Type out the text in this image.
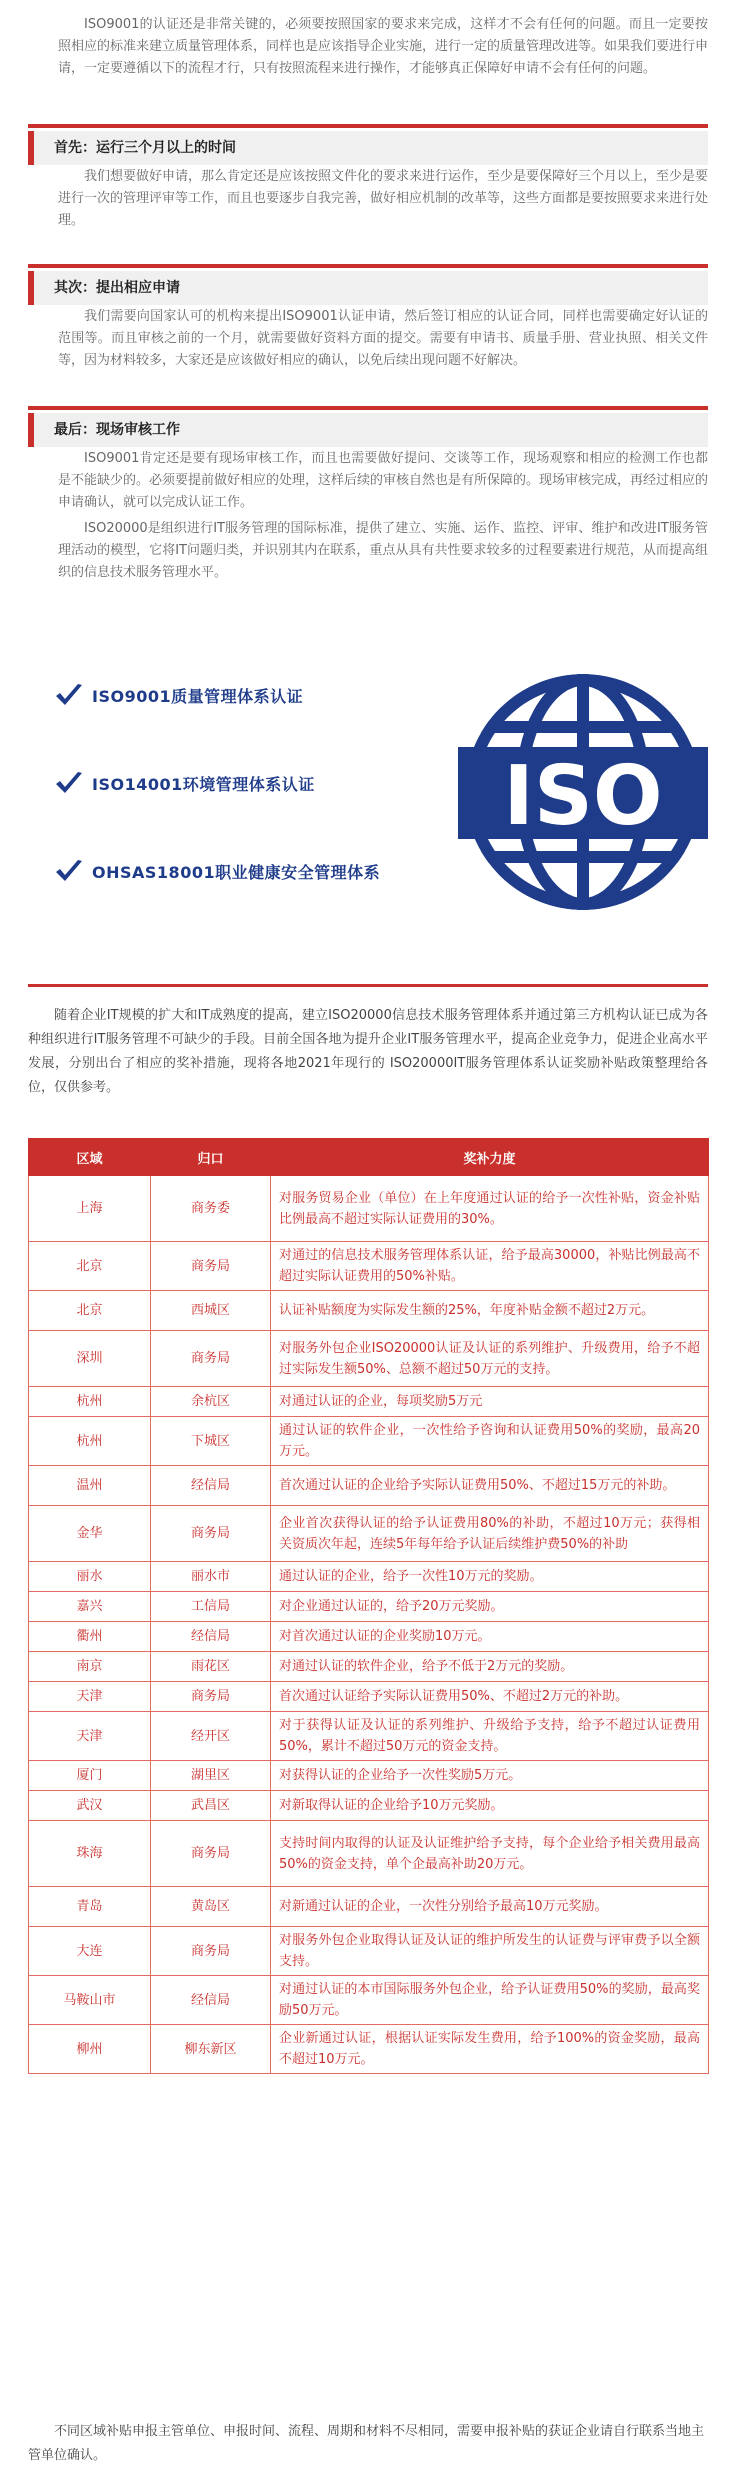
ISO9001的认证还是非常关键的，必须要按照国家的要求来完成，这样才不会有任何的问题。而且一定要按照相应的标准来建立质量管理体系，同样也是应该指导企业实施，进行一定的质量管理改进等。如果我们要进行申请，一定要遵循以下的流程才行，只有按照流程来进行操作，才能够真正保障好申请不会有任何的问题。
首先：运行三个月以上的时间
我们想要做好申请，那么肯定还是应该按照文件化的要求来进行运作，至少是要保障好三个月以上，至少是要进行一次的管理评审等工作，而且也要逐步自我完善，做好相应机制的改革等，这些方面都是要按照要求来进行处理。
其次：提出相应申请
我们需要向国家认可的机构来提出ISO9001认证申请，然后签订相应的认证合同，同样也需要确定好认证的范围等。而且审核之前的一个月，就需要做好资料方面的提交。需要有申请书、质量手册、营业执照、相关文件等，因为材料较多，大家还是应该做好相应的确认，以免后续出现问题不好解决。
最后：现场审核工作
ISO9001肯定还是要有现场审核工作，而且也需要做好提问、交谈等工作，现场观察和相应的检测工作也都是不能缺少的。必须要提前做好相应的处理，这样后续的审核自然也是有所保障的。现场审核完成，再经过相应的申请确认，就可以完成认证工作。
ISO20000是组织进行IT服务管理的国际标准，提供了建立、实施、运作、监控、评审、维护和改进IT服务管理活动的模型，它将IT问题归类，并识别其内在联系，重点从具有共性要求较多的过程要素进行规范，从而提高组织的信息技术服务管理水平。
ISO9001质量管理体系认证
ISO14001环境管理体系认证
OHSAS18001职业健康安全管理体系
ISO
随着企业IT规模的扩大和IT成熟度的提高，建立ISO20000信息技术服务管理体系并通过第三方机构认证已成为各种组织进行IT服务管理不可缺少的手段。目前全国各地为提升企业IT服务管理水平，提高企业竞争力，促进企业高水平发展，分别出台了相应的奖补措施，现将各地2021年现行的 ISO20000IT服务管理体系认证奖励补贴政策整理给各位，仅供参考。
区域	归口	奖补力度
上海	商务委	对服务贸易企业（单位）在上年度通过认证的给予一次性补贴，资金补贴比例最高不超过实际认证费用的30%。
北京	商务局	对通过的信息技术服务管理体系认证，给予最高30000，补贴比例最高不超过实际认证费用的50%补贴。
北京	西城区	认证补贴额度为实际发生额的25%，年度补贴金额不超过2万元。
深圳	商务局	对服务外包企业ISO20000认证及认证的系列维护、升级费用，给予不超过实际发生额50%、总额不超过50万元的支持。
杭州	余杭区	对通过认证的企业，每项奖励5万元
杭州	下城区	通过认证的软件企业，一次性给予咨询和认证费用50%的奖励，最高20万元。
温州	经信局	首次通过认证的企业给予实际认证费用50%、不超过15万元的补助。
金华	商务局	企业首次获得认证的给予认证费用80%的补助，不超过10万元；获得相关资质次年起，连续5年每年给予认证后续维护费50%的补助
丽水	丽水市	通过认证的企业，给予一次性10万元的奖励。
嘉兴	工信局	对企业通过认证的，给予20万元奖励。
衢州	经信局	对首次通过认证的企业奖励10万元。
南京	雨花区	对通过认证的软件企业，给予不低于2万元的奖励。
天津	商务局	首次通过认证给予实际认证费用50%、不超过2万元的补助。
天津	经开区	对于获得认证及认证的系列维护、升级给予支持，给予不超过认证费用50%，累计不超过50万元的资金支持。
厦门	湖里区	对获得认证的企业给予一次性奖励5万元。
武汉	武昌区	对新取得认证的企业给予10万元奖励。
珠海	商务局	支持时间内取得的认证及认证维护给予支持，每个企业给予相关费用最高50%的资金支持，单个企最高补助20万元。
青岛	黄岛区	对新通过认证的企业，一次性分别给予最高10万元奖励。
大连	商务局	对服务外包企业取得认证及认证的维护所发生的认证费与评审费予以全额支持。
马鞍山市	经信局	对通过认证的本市国际服务外包企业，给予认证费用50%的奖励，最高奖励50万元。
柳州	柳东新区	企业新通过认证，根据认证实际发生费用，给予100%的资金奖励，最高不超过10万元。
不同区域补贴申报主管单位、申报时间、流程、周期和材料不尽相同，需要申报补贴的获证企业请自行联系当地主管单位确认。
